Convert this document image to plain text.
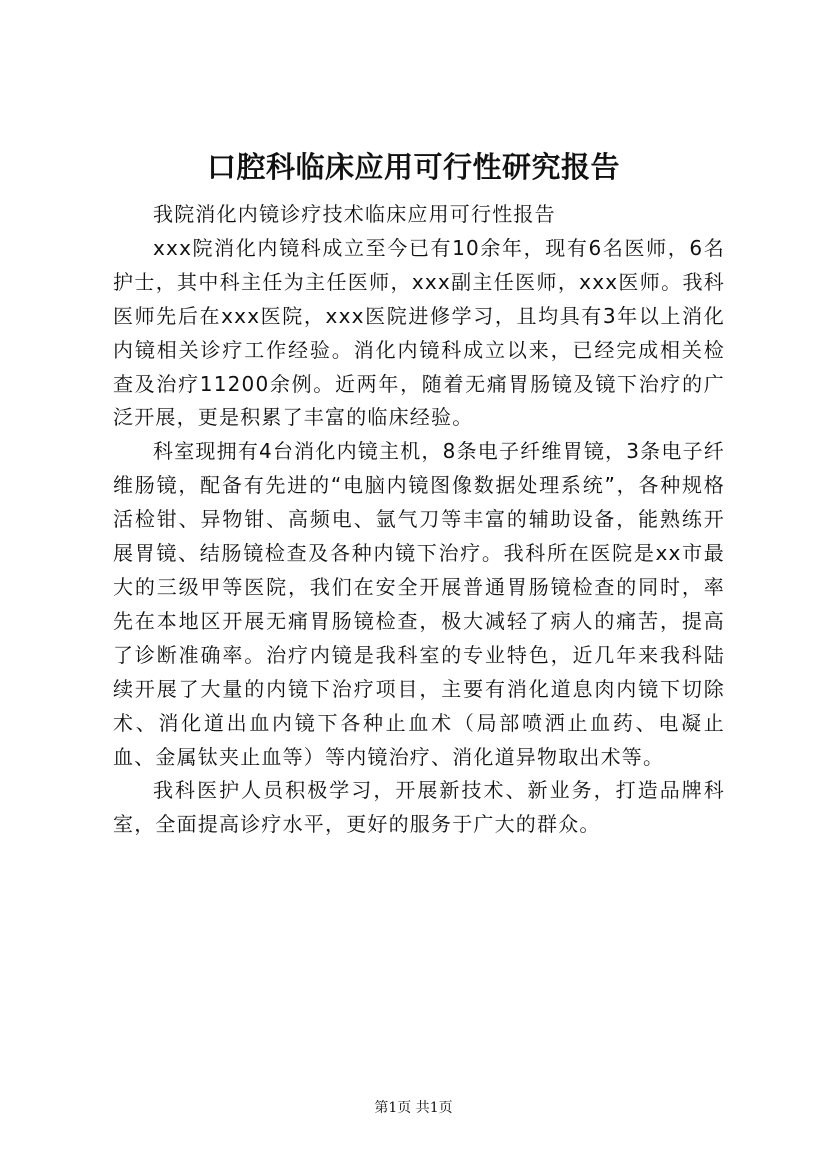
口腔科临床应用可行性研究报告

我院消化内镜诊疗技术临床应用可行性报告

xxx院消化内镜科成立至今已有10余年，现有6名医师，6名护士，其中科主任为主任医师，xxx副主任医师，xxx医师。我科医师先后在xxx医院，xxx医院进修学习，且均具有3年以上消化内镜相关诊疗工作经验。消化内镜科成立以来，已经完成相关检查及治疗11200余例。近两年，随着无痛胃肠镜及镜下治疗的广泛开展，更是积累了丰富的临床经验。

科室现拥有4台消化内镜主机，8条电子纤维胃镜，3条电子纤维肠镜，配备有先进的“电脑内镜图像数据处理系统”，各种规格活检钳、异物钳、高频电、氩气刀等丰富的辅助设备，能熟练开展胃镜、结肠镜检查及各种内镜下治疗。我科所在医院是xx市最大的三级甲等医院，我们在安全开展普通胃肠镜检查的同时，率先在本地区开展无痛胃肠镜检查，极大减轻了病人的痛苦，提高了诊断准确率。治疗内镜是我科室的专业特色，近几年来我科陆续开展了大量的内镜下治疗项目，主要有消化道息肉内镜下切除术、消化道出血内镜下各种止血术（局部喷洒止血药、电凝止血、金属钛夹止血等）等内镜治疗、消化道异物取出术等。

我科医护人员积极学习，开展新技术、新业务，打造品牌科室，全面提高诊疗水平，更好的服务于广大的群众。

第1页 共1页
